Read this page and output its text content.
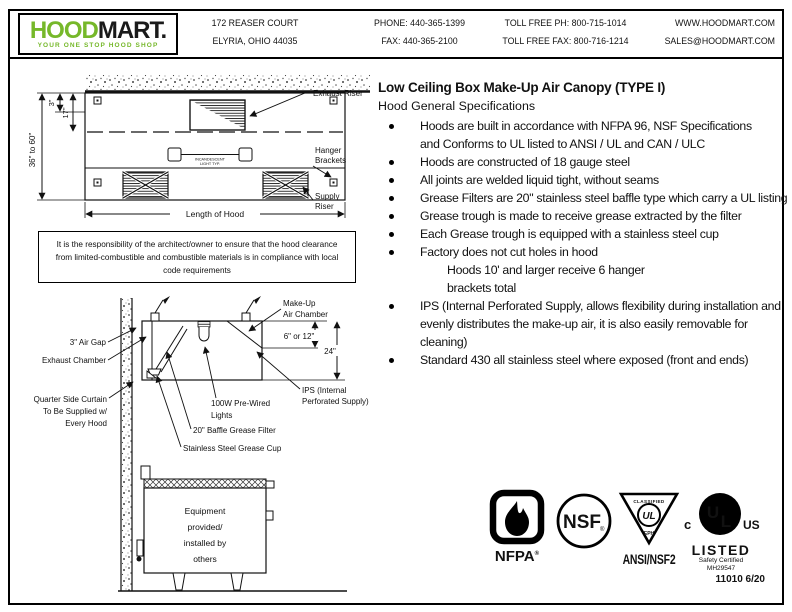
HOODMART.
YOUR ONE STOP HOOD SHOP
172 REASER COURT
ELYRIA, OHIO 44035
PHONE: 440-365-1399
FAX: 440-365-2100
TOLL FREE PH: 800-715-1014
TOLL FREE FAX: 800-716-1214
WWW.HOODMART.COM
SALES@HOODMART.COM
INCANDESCENT
LIGHT TYP.
36" to 60"
3"
17"
Length of Hood
Exhaust Riser
Hanger
Brackets
Supply
Riser
It is the responsibility of the architect/owner to ensure that the hood clearance from limited-combustible and combustible materials is in compliance with local code requirements
6" or 12"
24"
Make-Up
Air Chamber
3" Air Gap
Exhaust Chamber
Quarter Side Curtain
To Be Supplied w/
Every Hood
100W Pre-Wired
Lights
20" Baffle Grease Filter
Stainless Steel Grease Cup
IPS (Internal
Perforated Supply)
Equipment
provided/
installed by
others
Low Ceiling Box Make-Up Air Canopy (TYPE I)
Hood General Specifications
Hoods are built in accordance with NFPA 96, NSF Specifications and Conforms to UL listed to ANSI / UL and CAN / ULC
Hoods are constructed of 18 gauge steel
All joints are welded liquid tight, without seams
Grease Filters are 20" stainless steel baffle type which carry a UL listing
Grease trough is made to receive grease extracted by the filter
Each Grease trough is equipped with a stainless steel cup
Factory does not cut holes in hood
Hoods 10' and larger receive 6 hanger brackets total
IPS (Internal Perforated Supply, allows flexibility during installation and evenly distributes the make-up air, it is also easily removable for cleaning)
Standard 430 all stainless steel where exposed (front and ends)
NFPA®
NSF ®
CLASSIFIED
UL
EPH
ANSI/NSF2
c
U L US
LISTED
Safety Certified
MH29547
11010 6/20
